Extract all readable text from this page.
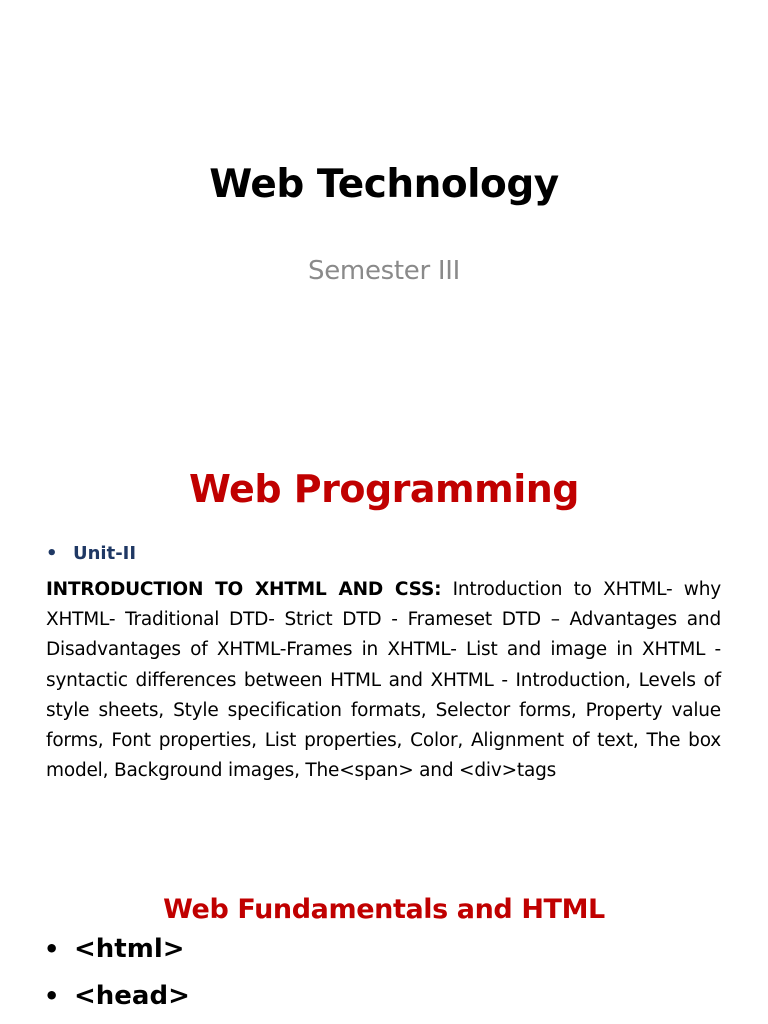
Web Technology
Semester III
Web Programming
• Unit-II
INTRODUCTION TO XHTML AND CSS: Introduction to XHTML- why XHTML- Traditional DTD- Strict DTD - Frameset DTD – Advantages and Disadvantages of XHTML-Frames in XHTML- List and image in XHTML - syntactic differences between HTML and XHTML - Introduction, Levels of style sheets, Style specification formats, Selector forms, Property value forms, Font properties, List properties, Color, Alignment of text, The box model, Background images, The<span> and <div>tags
Web Fundamentals and HTML
• <html>
• <head>
